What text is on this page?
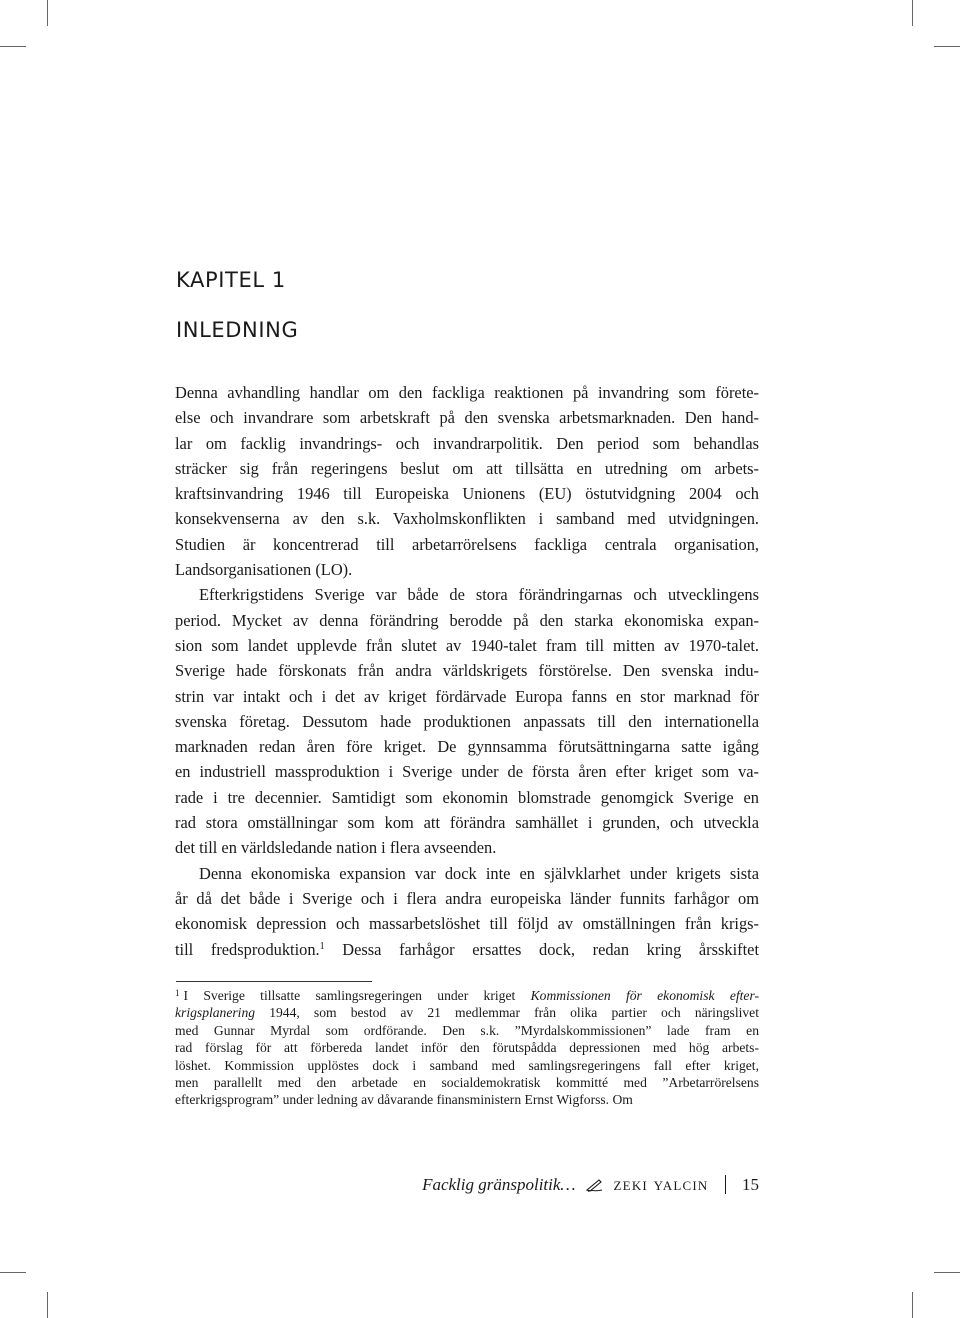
KAPITEL 1
INLEDNING

Denna avhandling handlar om den fackliga reaktionen på invandring som förete-
else och invandrare som arbetskraft på den svenska arbetsmarknaden. Den hand-
lar om facklig invandrings- och invandrarpolitik. Den period som behandlas
sträcker sig från regeringens beslut om att tillsätta en utredning om arbets-
kraftsinvandring 1946 till Europeiska Unionens (EU) östutvidgning 2004 och
konsekvenserna av den s.k. Vaxholmskonflikten i samband med utvidgningen.
Studien är koncentrerad till arbetarrörelsens fackliga centrala organisation,
Landsorganisationen (LO).

Efterkrigstidens Sverige var både de stora förändringarnas och utvecklingens
period. Mycket av denna förändring berodde på den starka ekonomiska expan-
sion som landet upplevde från slutet av 1940-talet fram till mitten av 1970-talet.
Sverige hade förskonats från andra världskrigets förstörelse. Den svenska indu-
strin var intakt och i det av kriget fördärvade Europa fanns en stor marknad för
svenska företag. Dessutom hade produktionen anpassats till den internationella
marknaden redan åren före kriget. De gynnsamma förutsättningarna satte igång
en industriell massproduktion i Sverige under de första åren efter kriget som va-
rade i tre decennier. Samtidigt som ekonomin blomstrade genomgick Sverige en
rad stora omställningar som kom att förändra samhället i grunden, och utveckla
det till en världsledande nation i flera avseenden.

Denna ekonomiska expansion var dock inte en självklarhet under krigets sista
år då det både i Sverige och i flera andra europeiska länder funnits farhågor om
ekonomisk depression och massarbetslöshet till följd av omställningen från krigs-
till fredsproduktion.$^1$ Dessa farhågor ersattes dock, redan kring årsskiftet

$^1$ I Sverige tillsatte samlingsregeringen under kriget Kommissionen för ekonomisk efter-
krigsplanering 1944, som bestod av 21 medlemmar från olika partier och näringslivet
med Gunnar Myrdal som ordförande. Den s.k. ”Myrdalskommissionen” lade fram en
rad förslag för att förbereda landet inför den förutspådda depressionen med hög arbets-
löshet. Kommission upplöstes dock i samband med samlingsregeringens fall efter kriget,
men parallellt med den arbetade en socialdemokratisk kommitté med ”Arbetarrörelsens
efterkrigsprogram” under ledning av dåvarande finansministern Ernst Wigforss. Om
Facklig gränspolitik… zeki yalcin 15
